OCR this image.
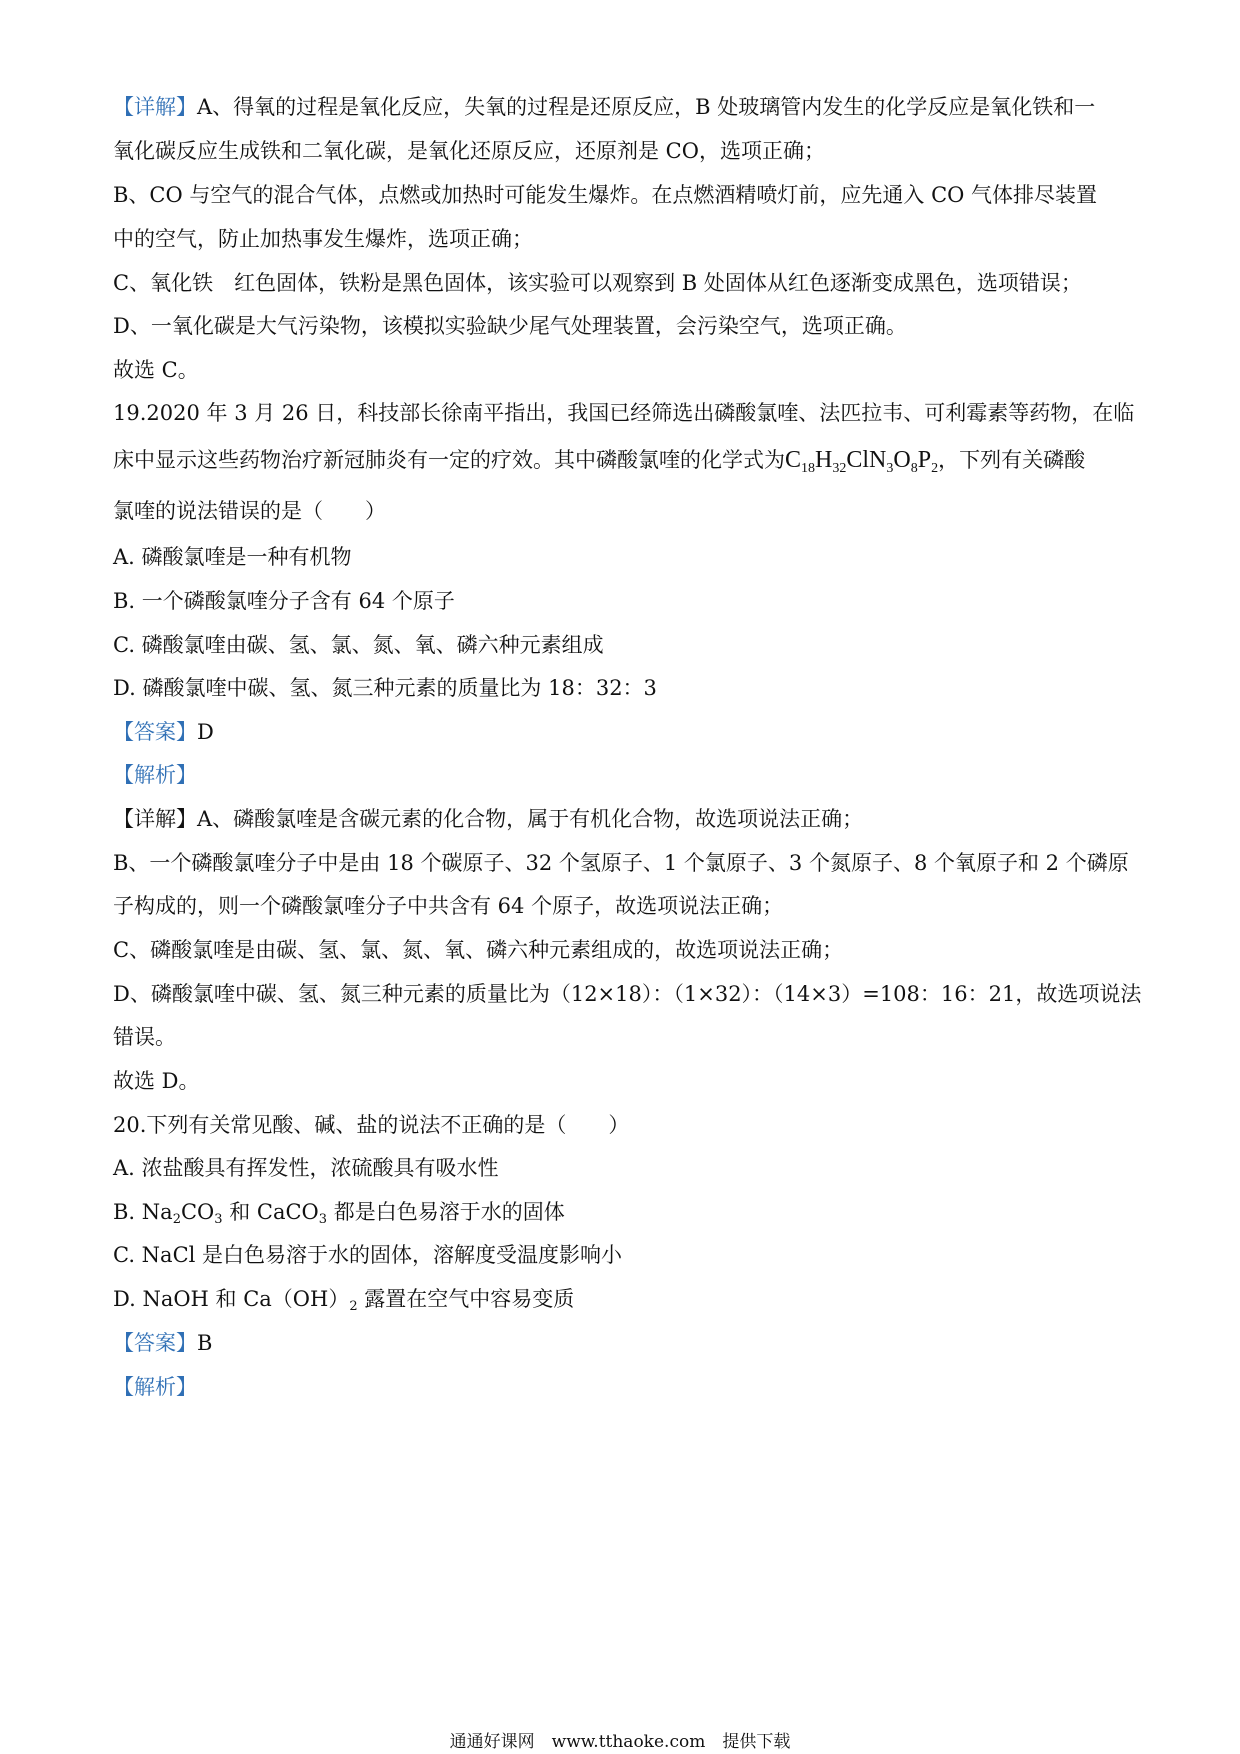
【详解】A、得氧的过程是氧化反应，失氧的过程是还原反应，B 处玻璃管内发生的化学反应是氧化铁和一
氧化碳反应生成铁和二氧化碳，是氧化还原反应，还原剂是 CO，选项正确；
B、CO 与空气的混合气体，点燃或加热时可能发生爆炸。在点燃酒精喷灯前，应先通入 CO 气体排尽装置
中的空气，防止加热事发生爆炸，选项正确；
C、氧化铁　红色固体，铁粉是黑色固体，该实验可以观察到 B 处固体从红色逐渐变成黑色，选项错误；
D、一氧化碳是大气污染物，该模拟实验缺少尾气处理装置，会污染空气，选项正确。
故选 C。
19.2020 年 3 月 26 日，科技部长徐南平指出，我国已经筛选出磷酸氯喹、法匹拉韦、可利霉素等药物，在临
床中显示这些药物治疗新冠肺炎有一定的疗效。其中磷酸氯喹的化学式为$C_{18}H_{32}ClN_3O_8P_2$，下列有关磷酸
氯喹的说法错误的是（　　）
A. 磷酸氯喹是一种有机物
B. 一个磷酸氯喹分子含有 64 个原子
C. 磷酸氯喹由碳、氢、氯、氮、氧、磷六种元素组成
D. 磷酸氯喹中碳、氢、氮三种元素的质量比为 18：32：3
【答案】D
【解析】
【详解】A、磷酸氯喹是含碳元素的化合物，属于有机化合物，故选项说法正确；
B、一个磷酸氯喹分子中是由 18 个碳原子、32 个氢原子、1 个氯原子、3 个氮原子、8 个氧原子和 2 个磷原
子构成的，则一个磷酸氯喹分子中共含有 64 个原子，故选项说法正确；
C、磷酸氯喹是由碳、氢、氯、氮、氧、磷六种元素组成的，故选项说法正确；
D、磷酸氯喹中碳、氢、氮三种元素的质量比为（12×18）：（1×32）：（14×3）=108：16：21，故选项说法
错误。
故选 D。
20.下列有关常见酸、碱、盐的说法不正确的是（　　）
A. 浓盐酸具有挥发性，浓硫酸具有吸水性
B. $Na_2CO_3$ 和 CaCO$_3$ 都是白色易溶于水的固体
C. NaCl 是白色易溶于水的固体，溶解度受温度影响小
D. NaOH 和 $Ca(OH)_2$ 露置在空气中容易变质
【答案】B
【解析】
通通好课网　www.tthaoke.com　提供下载
